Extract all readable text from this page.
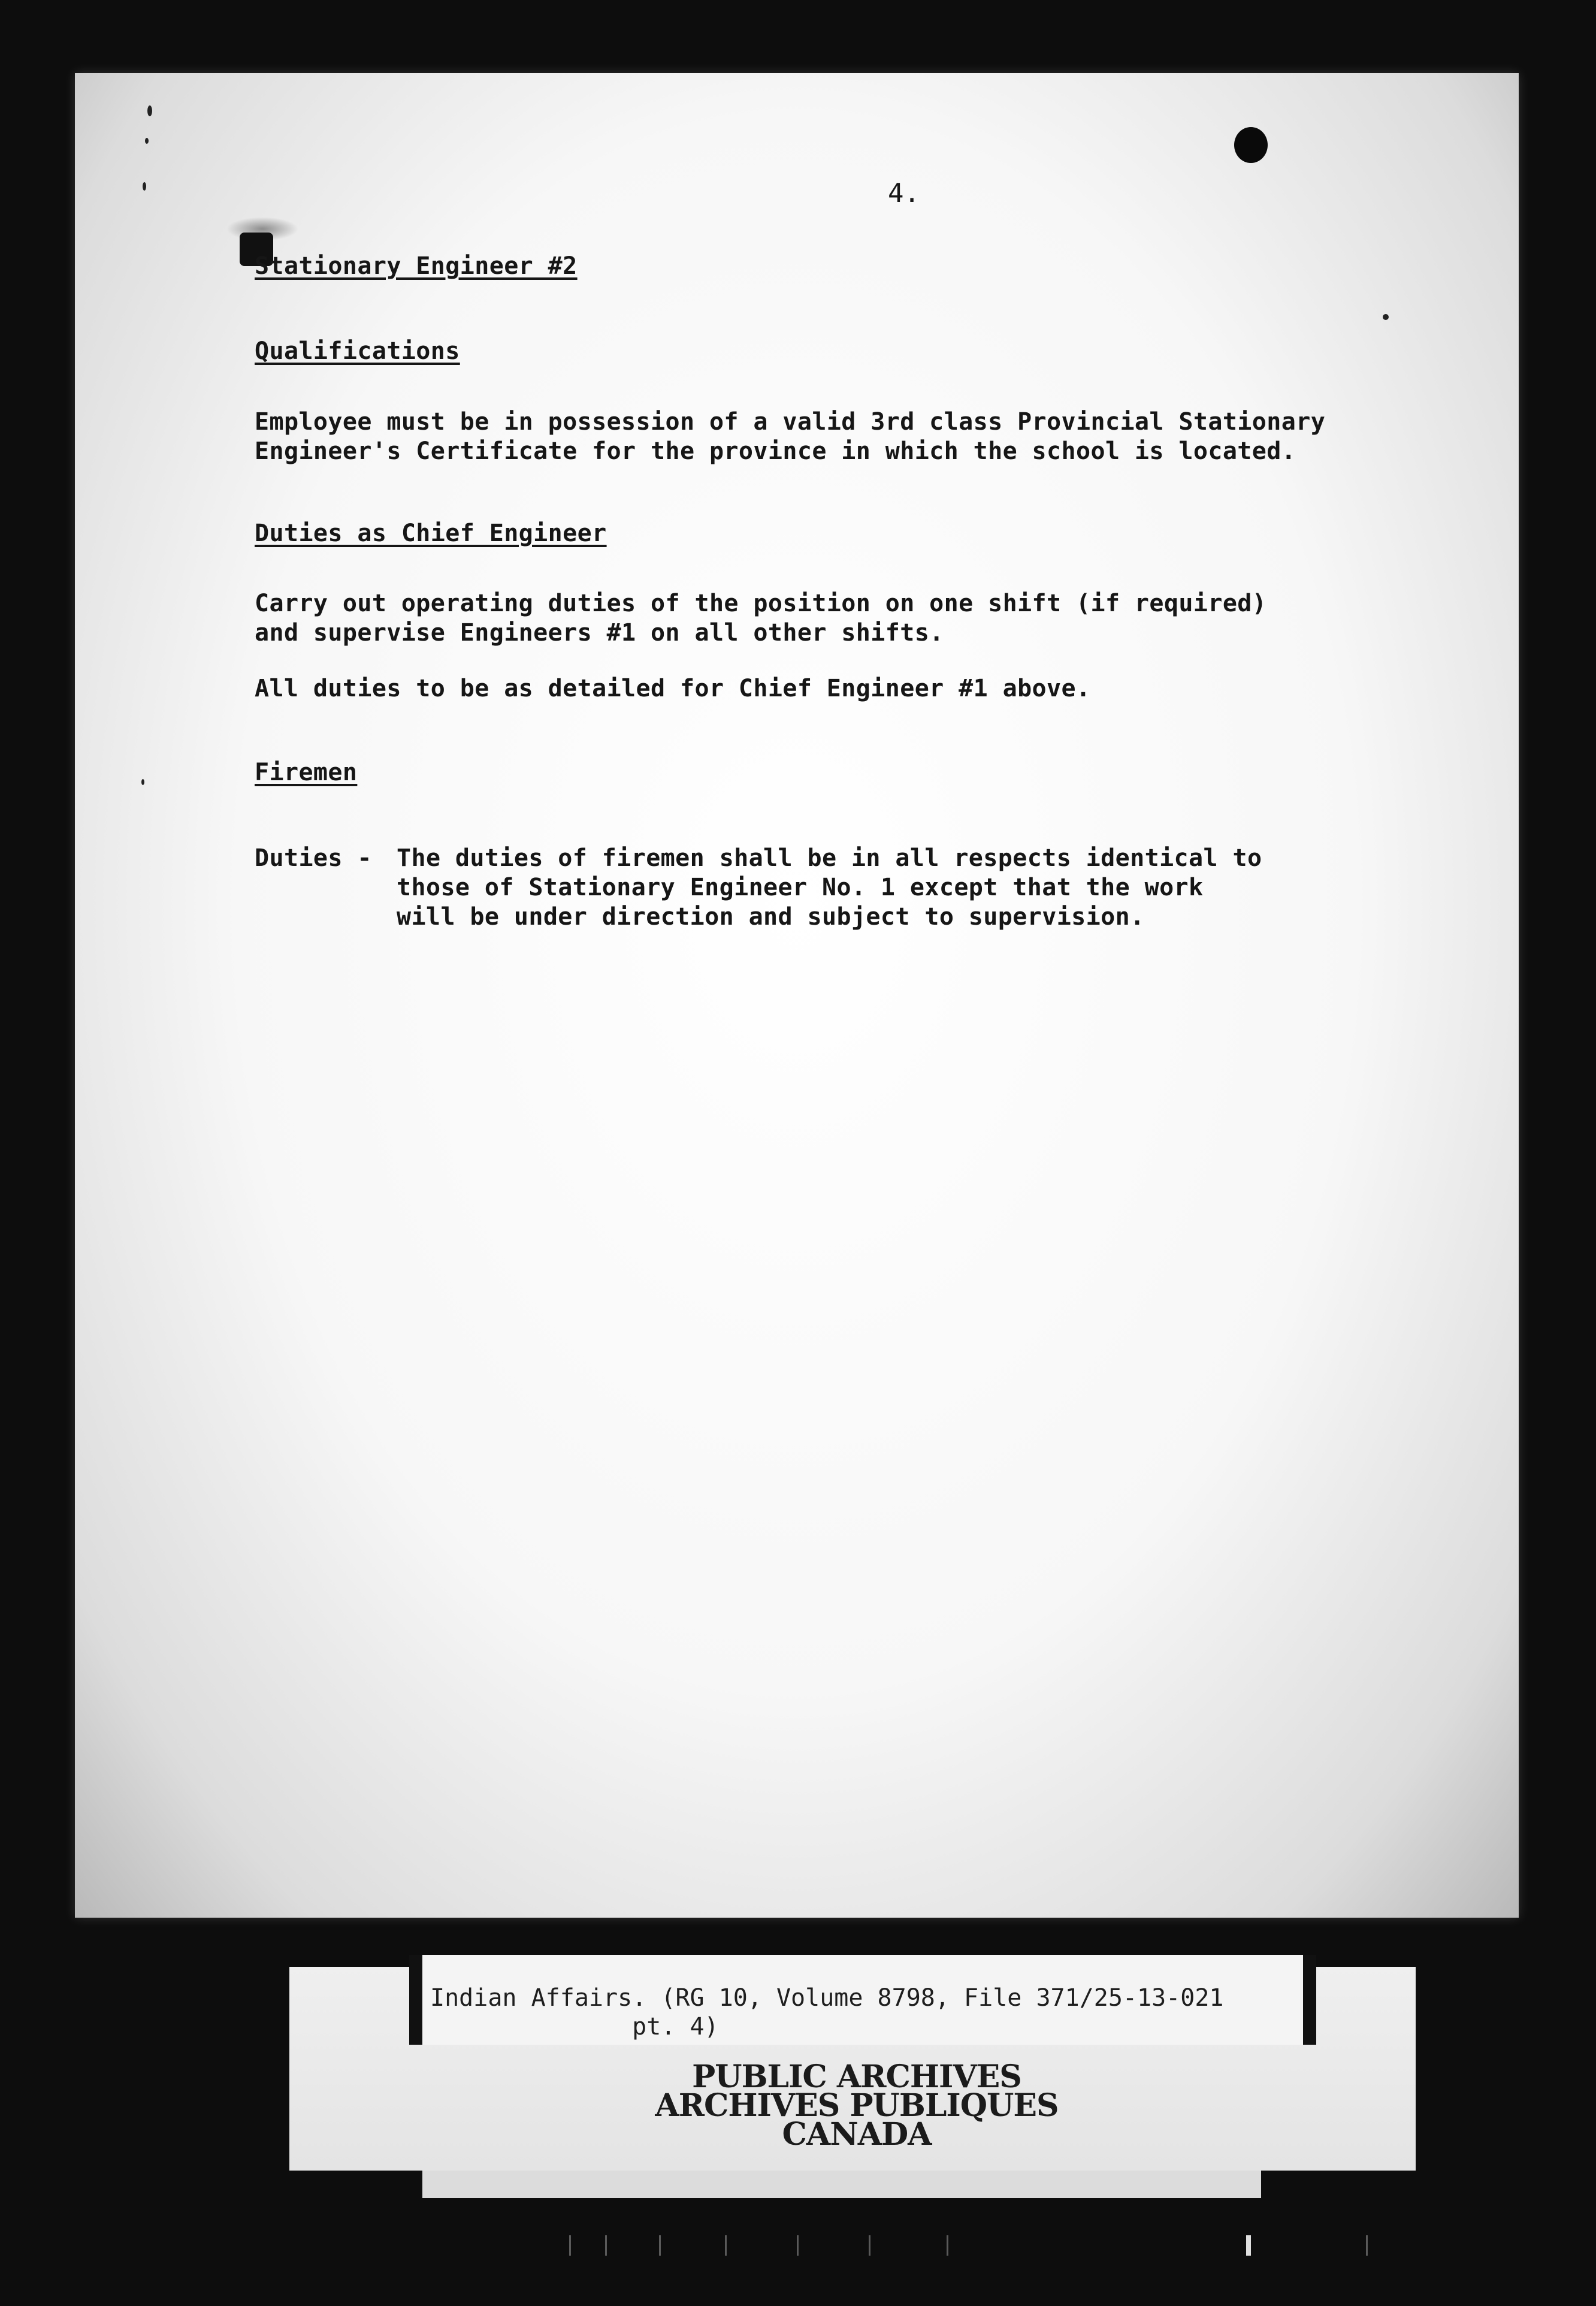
4.
Stationary Engineer #2
Qualifications
Employee must be in possession of a valid 3rd class Provincial Stationary
Engineer's Certificate for the province in which the school is located.
Duties as Chief Engineer
Carry out operating duties of the position on one shift (if required)
and supervise Engineers #1 on all other shifts.
All duties to be as detailed for Chief Engineer #1 above.
Firemen
Duties - The duties of firemen shall be in all respects identical to
those of Stationary Engineer No. 1 except that the work
will be under direction and subject to supervision.
Indian Affairs. (RG 10, Volume 8798, File 371/25-13-021
pt. 4)
PUBLIC ARCHIVES
ARCHIVES PUBLIQUES
CANADA
